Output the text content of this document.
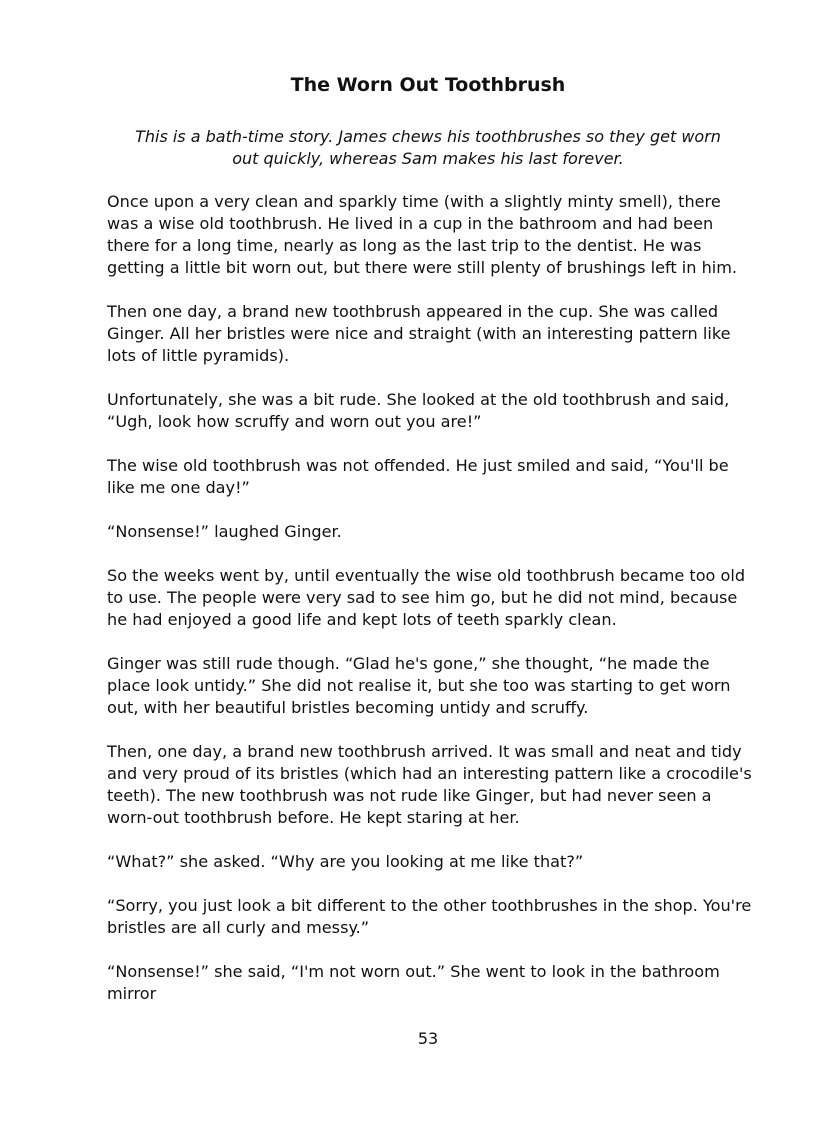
The Worn Out Toothbrush
This is a bath-time story. James chews his toothbrushes so they get worn out quickly, whereas Sam makes his last forever.

Once upon a very clean and sparkly time (with a slightly minty smell), there was a wise old toothbrush. He lived in a cup in the bathroom and had been there for a long time, nearly as long as the last trip to the dentist. He was getting a little bit worn out, but there were still plenty of brushings left in him.

Then one day, a brand new toothbrush appeared in the cup. She was called Ginger. All her bristles were nice and straight (with an interesting pattern like lots of little pyramids).

Unfortunately, she was a bit rude. She looked at the old toothbrush and said, “Ugh, look how scruffy and worn out you are!”

The wise old toothbrush was not offended. He just smiled and said, “You'll be like me one day!”

“Nonsense!” laughed Ginger.

So the weeks went by, until eventually the wise old toothbrush became too old to use. The people were very sad to see him go, but he did not mind, because he had enjoyed a good life and kept lots of teeth sparkly clean.

Ginger was still rude though. “Glad he's gone,” she thought, “he made the place look untidy.” She did not realise it, but she too was starting to get worn out, with her beautiful bristles becoming untidy and scruffy.

Then, one day, a brand new toothbrush arrived. It was small and neat and tidy and very proud of its bristles (which had an interesting pattern like a crocodile's teeth). The new toothbrush was not rude like Ginger, but had never seen a worn-out toothbrush before. He kept staring at her.

“What?” she asked. “Why are you looking at me like that?”

“Sorry, you just look a bit different to the other toothbrushes in the shop. You're bristles are all curly and messy.”

“Nonsense!” she said, “I'm not worn out.” She went to look in the bathroom mirror

53
